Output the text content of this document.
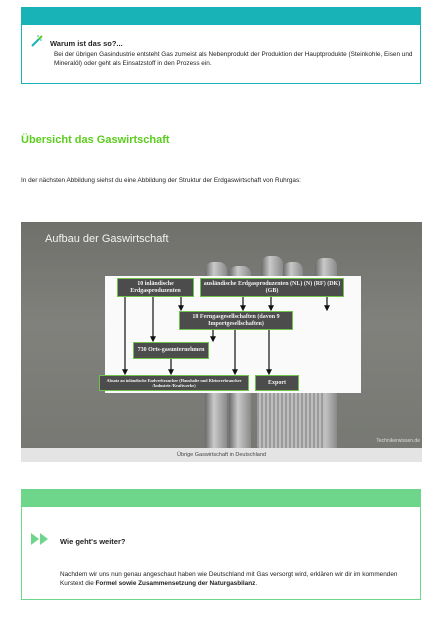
Warum ist das so?...
Bei der übrigen Gasindustrie entsteht Gas zumeist als Nebenprodukt der Produktion der Hauptprodukte (Steinkohle, Eisen und Mineralöl) oder geht als Einsatzstoff in den Prozess ein.
Übersicht das Gaswirtschaft
In der nächsten Abbildung siehst du eine Abbildung der Struktur der Erdgaswirtschaft von Ruhrgas:
Aufbau der Gaswirtschaft
10 inländische Erdgasproduzenten
ausländische Erdgasproduzenten (NL) (N) (RF) (DK) (GB)
18 Ferngasgesellschaften (davon 9 Importgesellschaften)
730 Orts-gasunternehmen
Absatz an inländische Endverbraucher (Haushalte und Kleinverbraucher /Industrie /Kraftwerke)	Export
Technikerwissen.de
Übrige Gaswirtschaft in Deutschland
Wie geht's weiter?
Nachdem wir uns nun genau angeschaut haben wie Deutschland mit Gas versorgt wird, erklären wir dir im kommenden Kurstext die Formel sowie Zusammensetzung der Naturgasbilanz.
